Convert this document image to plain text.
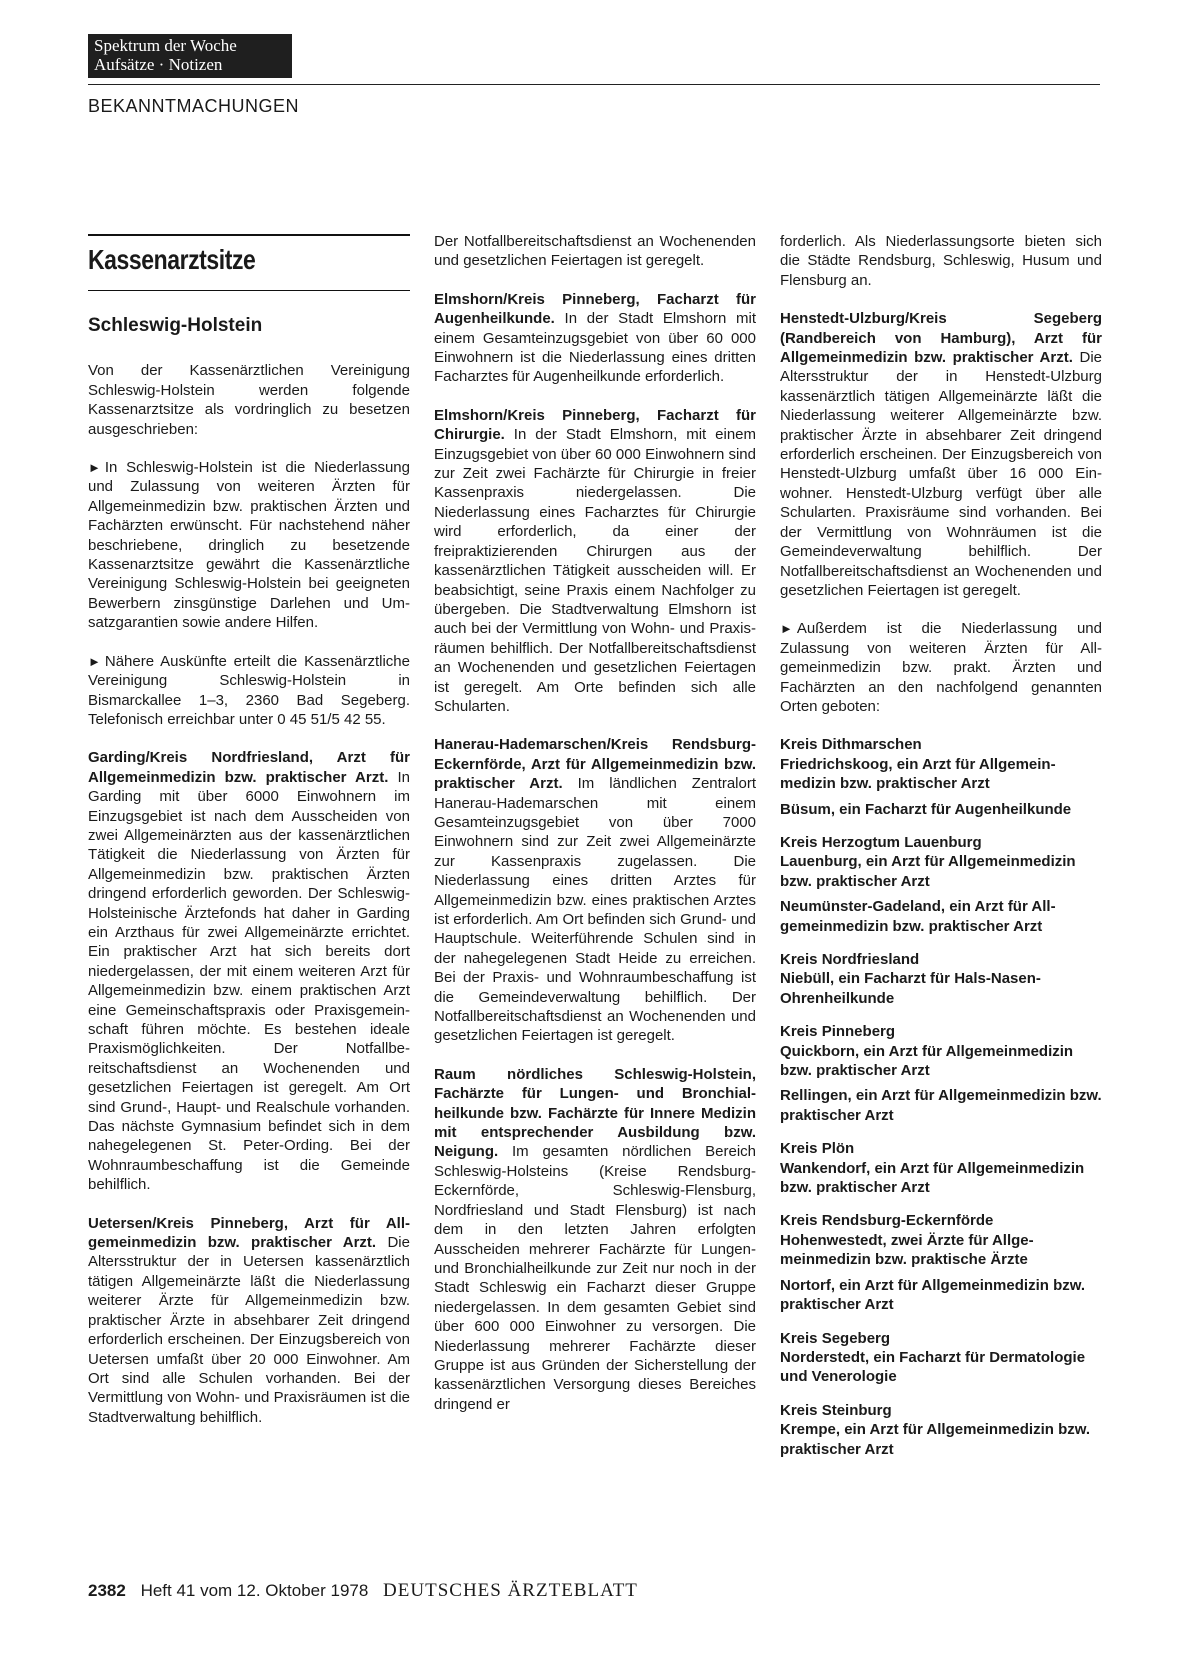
Spektrum der Woche
Aufsätze · Notizen
BEKANNTMACHUNGEN
Kassenarztsitze
Schleswig-Holstein

Von der Kassenärztlichen Vereinigung Schleswig-Holstein werden folgende Kassenarztsitze als vordringlich zu besetzen ausgeschrieben:

► In Schleswig-Holstein ist die Niederlassung und Zulassung von weiteren Ärzten für Allgemeinmedizin bzw. praktischen Ärzten und Fachärzten erwünscht. Für nachstehend näher beschriebene, dringlich zu besetzende Kassenarztsitze gewährt die Kassenärztliche Vereinigung Schleswig-Holstein bei geeigneten Bewerbern zinsgünstige Darlehen und Umsatzgarantien sowie andere Hilfen.

► Nähere Auskünfte erteilt die Kassenärztliche Vereinigung Schleswig-Holstein in Bismarckallee 1–3, 2360 Bad Segeberg. Telefonisch erreichbar unter 0 45 51/5 42 55.

Garding/Kreis Nordfriesland, Arzt für Allgemeinmedizin bzw. praktischer Arzt. In Garding mit über 6000 Einwohnern im Einzugsgebiet ist nach dem Ausscheiden von zwei Allgemeinärzten aus der kassenärztlichen Tätigkeit die Niederlassung von Ärzten für Allgemeinmedizin bzw. praktischen Ärzten dringend erforderlich geworden. Der Schleswig-Holsteinische Ärztefonds hat daher in Garding ein Arzthaus für zwei Allgemeinärzte errichtet. Ein praktischer Arzt hat sich bereits dort niedergelassen, der mit einem weiteren Arzt für Allgemeinmedizin bzw. einem praktischen Arzt eine Gemeinschaftspraxis oder Praxisgemeinschaft führen möchte. Es bestehen ideale Praxismöglichkeiten. Der Notfallbereitschaftsdienst an Wochenenden und gesetzlichen Feiertagen ist geregelt. Am Ort sind Grund-, Haupt- und Realschule vorhanden. Das nächste Gymnasium befindet sich in dem nahegelegenen St. Peter-Ording. Bei der Wohnraumbeschaffung ist die Gemeinde behilflich.

Uetersen/Kreis Pinneberg, Arzt für Allgemeinmedizin bzw. praktischer Arzt. Die Altersstruktur der in Uetersen kassenärztlich tätigen Allgemeinärzte läßt die Niederlassung weiterer Ärzte für Allgemeinmedizin bzw. praktischer Ärzte in absehbarer Zeit dringend erforderlich erscheinen. Der Einzugsbereich von Uetersen umfaßt über 20 000 Einwohner. Am Ort sind alle Schulen vorhanden. Bei der Vermittlung von Wohn- und Praxisräumen ist die Stadtverwaltung behilflich.

Der Notfallbereitschaftsdienst an Wochenenden und gesetzlichen Feiertagen ist geregelt.

Elmshorn/Kreis Pinneberg, Facharzt für Augenheilkunde. In der Stadt Elmshorn mit einem Gesamteinzugsgebiet von über 60 000 Einwohnern ist die Niederlassung eines dritten Facharztes für Augenheilkunde erforderlich.

Elmshorn/Kreis Pinneberg, Facharzt für Chirurgie. In der Stadt Elmshorn, mit einem Einzugsgebiet von über 60 000 Einwohnern sind zur Zeit zwei Fachärzte für Chirurgie in freier Kassenpraxis niedergelassen. Die Niederlassung eines Facharztes für Chirurgie wird erforderlich, da einer der freipraktizierenden Chirurgen aus der kassenärztlichen Tätigkeit ausscheiden will. Er beabsichtigt, seine Praxis einem Nachfolger zu übergeben. Die Stadtverwaltung Elmshorn ist auch bei der Vermittlung von Wohn- und Praxisräumen behilflich. Der Notfallbereitschaftsdienst an Wochenenden und gesetzlichen Feiertagen ist geregelt. Am Orte befinden sich alle Schularten.

Hanerau-Hademarschen/Kreis Rendsburg-Eckernförde, Arzt für Allgemeinmedizin bzw. praktischer Arzt. Im ländlichen Zentralort Hanerau-Hademarschen mit einem Gesamteinzugsgebiet von über 7000 Einwohnern sind zur Zeit zwei Allgemeinärzte zur Kassenpraxis zugelassen. Die Niederlassung eines dritten Arztes für Allgemeinmedizin bzw. eines praktischen Arztes ist erforderlich. Am Ort befinden sich Grund- und Hauptschule. Weiterführende Schulen sind in der nahegelegenen Stadt Heide zu erreichen. Bei der Praxis- und Wohnraumbeschaffung ist die Gemeindeverwaltung behilflich. Der Notfallbereitschaftsdienst an Wochenenden und gesetzlichen Feiertagen ist geregelt.

Raum nördliches Schleswig-Holstein, Fachärzte für Lungen- und Bronchialheilkunde bzw. Fachärzte für Innere Medizin mit entsprechender Ausbildung bzw. Neigung. Im gesamten nördlichen Bereich Schleswig-Holsteins (Kreise Rendsburg-Eckernförde, Schleswig-Flensburg, Nordfriesland und Stadt Flensburg) ist nach dem in den letzten Jahren erfolgten Ausscheiden mehrerer Fachärzte für Lungen- und Bronchialheilkunde zur Zeit nur noch in der Stadt Schleswig ein Facharzt dieser Gruppe niedergelassen. In dem gesamten Gebiet sind über 600 000 Einwohner zu versorgen. Die Niederlassung mehrerer Fachärzte dieser Gruppe ist aus Gründen der Sicherstellung der kassenärztlichen Versorgung dieses Bereiches dringend er

forderlich. Als Niederlassungsorte bieten sich die Städte Rendsburg, Schleswig, Husum und Flensburg an.

Henstedt-Ulzburg/Kreis Segeberg (Randbereich von Hamburg), Arzt für Allgemeinmedizin bzw. praktischer Arzt. Die Altersstruktur der in Henstedt-Ulzburg kassenärztlich tätigen Allgemeinärzte läßt die Niederlassung weiterer Allgemeinärzte bzw. praktischer Ärzte in absehbarer Zeit dringend erforderlich erscheinen. Der Einzugsbereich von Henstedt-Ulzburg umfaßt über 16 000 Einwohner. Henstedt-Ulzburg verfügt über alle Schularten. Praxisräume sind vorhanden. Bei der Vermittlung von Wohnräumen ist die Gemeindeverwaltung behilflich. Der Notfallbereitschaftsdienst an Wochenenden und gesetzlichen Feiertagen ist geregelt.

► Außerdem ist die Niederlassung und Zulassung von weiteren Ärzten für Allgemeinmedizin bzw. prakt. Ärzten und Fachärzten an den nachfolgend genannten Orten geboten:

Kreis Dithmarschen
Friedrichskoog, ein Arzt für Allgemeinmedizin bzw. praktischer Arzt
Büsum, ein Facharzt für Augenheilkunde
Kreis Herzogtum Lauenburg
Lauenburg, ein Arzt für Allgemeinmedizin bzw. praktischer Arzt
Neumünster-Gadeland, ein Arzt für Allgemeinmedizin bzw. praktischer Arzt
Kreis Nordfriesland
Niebüll, ein Facharzt für Hals-Nasen-Ohrenheilkunde
Kreis Pinneberg
Quickborn, ein Arzt für Allgemeinmedizin bzw. praktischer Arzt
Rellingen, ein Arzt für Allgemeinmedizin bzw. praktischer Arzt
Kreis Plön
Wankendorf, ein Arzt für Allgemeinmedizin bzw. praktischer Arzt
Kreis Rendsburg-Eckernförde
Hohenwestedt, zwei Ärzte für Allgemeinmedizin bzw. praktische Ärzte
Nortorf, ein Arzt für Allgemeinmedizin bzw. praktischer Arzt
Kreis Segeberg
Norderstedt, ein Facharzt für Dermatologie und Venerologie
Kreis Steinburg
Krempe, ein Arzt für Allgemeinmedizin bzw. praktischer Arzt
2382 Heft 41 vom 12. Oktober 1978 DEUTSCHES ÄRZTEBLATT
